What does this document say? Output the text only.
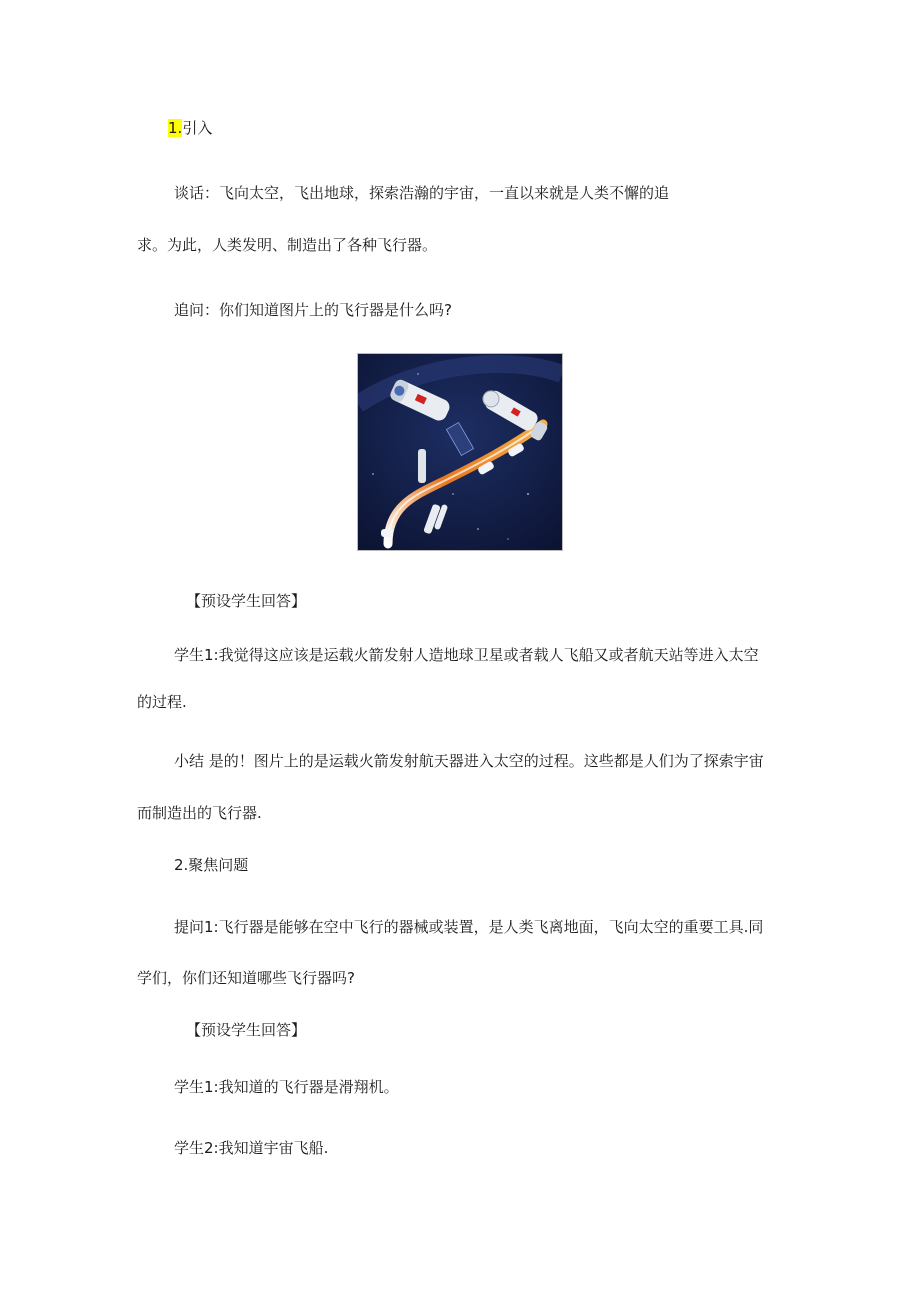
1.引入
谈话：飞向太空，飞出地球，探索浩瀚的宇宙，一直以来就是人类不懈的追
求。为此，人类发明、制造出了各种飞行器。
追问：你们知道图片上的飞行器是什么吗?
【预设学生回答】
学生1:我觉得这应该是运载火箭发射人造地球卫星或者载人飞船又或者航天站等进入太空
的过程.
小结 是的！图片上的是运载火箭发射航天器进入太空的过程。这些都是人们为了探索宇宙
而制造出的飞行器.
2.聚焦问题
提问1:飞行器是能够在空中飞行的器械或装置，是人类飞离地面，飞向太空的重要工具.同
学们，你们还知道哪些飞行器吗?
【预设学生回答】
学生1:我知道的飞行器是滑翔机。
学生2:我知道宇宙飞船.
